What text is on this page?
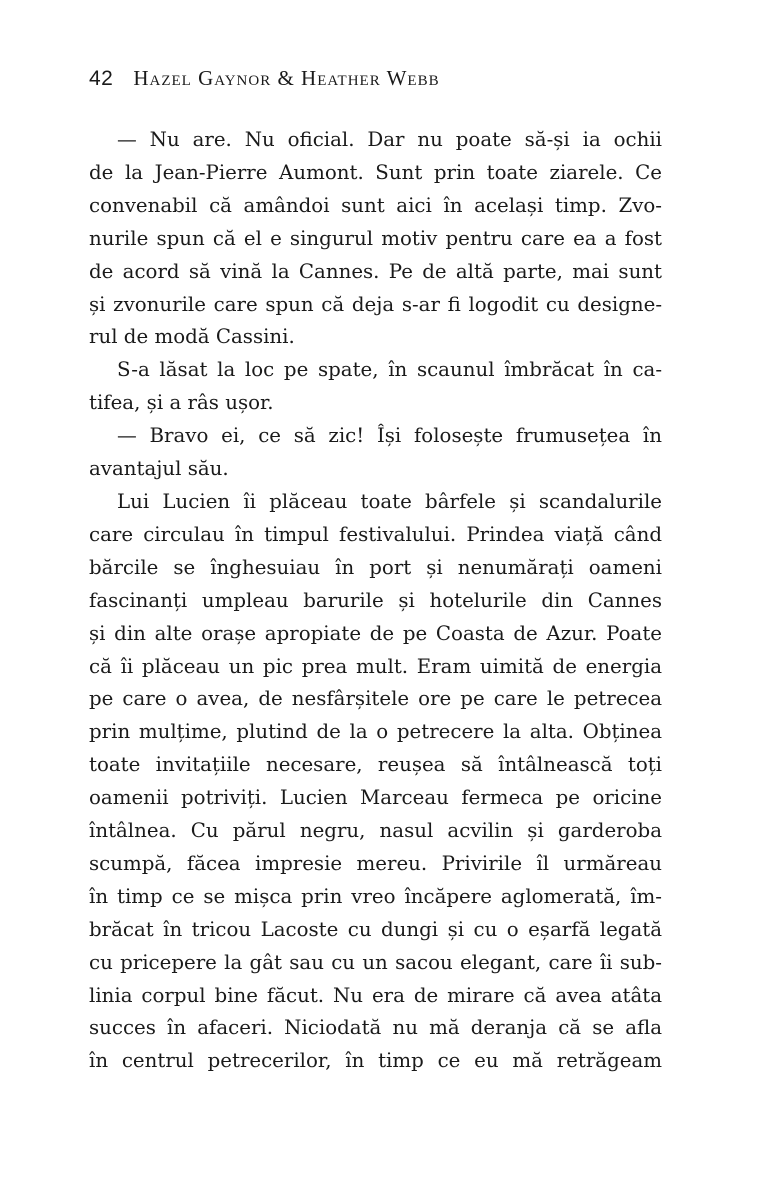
42 Hazel Gaynor & Heather Webb

— Nu are. Nu oficial. Dar nu poate să-și ia ochii
de la Jean-Pierre Aumont. Sunt prin toate ziarele. Ce
convenabil că amândoi sunt aici în același timp. Zvo-
nurile spun că el e singurul motiv pentru care ea a fost
de acord să vină la Cannes. Pe de altă parte, mai sunt
și zvonurile care spun că deja s-ar fi logodit cu designe-
rul de modă Cassini.

S-a lăsat la loc pe spate, în scaunul îmbrăcat în ca-
tifea, și a râs ușor.

— Bravo ei, ce să zic! Își folosește frumusețea în
avantajul său.

Lui Lucien îi plăceau toate bârfele și scandalurile
care circulau în timpul festivalului. Prindea viață când
bărcile se înghesuiau în port și nenumărați oameni
fascinanți umpleau barurile și hotelurile din Cannes
și din alte orașe apropiate de pe Coasta de Azur. Poate
că îi plăceau un pic prea mult. Eram uimită de energia
pe care o avea, de nesfârșitele ore pe care le petrecea
prin mulțime, plutind de la o petrecere la alta. Obținea
toate invitațiile necesare, reușea să întâlnească toți
oamenii potriviți. Lucien Marceau fermeca pe oricine
întâlnea. Cu părul negru, nasul acvilin și garderoba
scumpă, făcea impresie mereu. Privirile îl urmăreau
în timp ce se mișca prin vreo încăpere aglomerată, îm-
brăcat în tricou Lacoste cu dungi și cu o eșarfă legată
cu pricepere la gât sau cu un sacou elegant, care îi sub-
linia corpul bine făcut. Nu era de mirare că avea atâta
succes în afaceri. Niciodată nu mă deranja că se afla
în centrul petrecerilor, în timp ce eu mă retrăgeam
